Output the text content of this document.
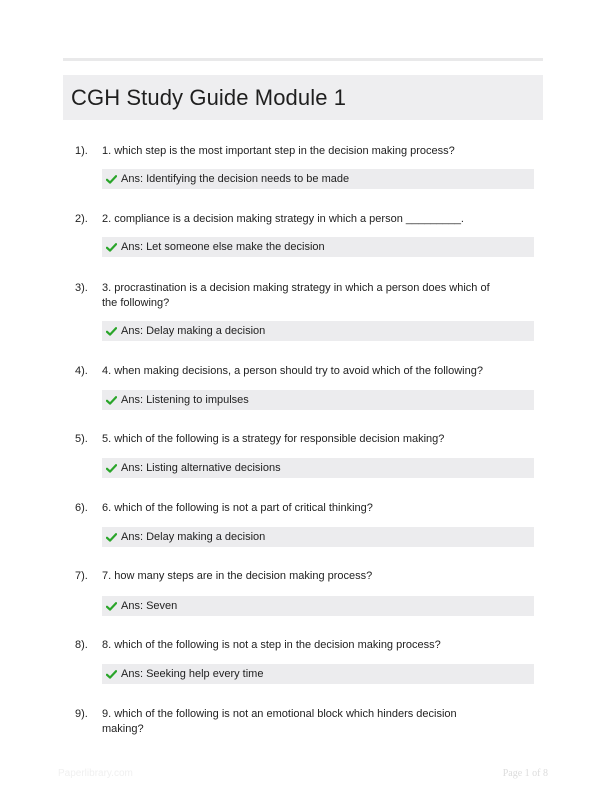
CGH Study Guide Module 1
1). 1. which step is the most important step in the decision making process?
Ans: Identifying the decision needs to be made
2). 2. compliance is a decision making strategy in which a person _________.
Ans: Let someone else make the decision
3). 3. procrastination is a decision making strategy in which a person does which of the following?
Ans: Delay making a decision
4). 4. when making decisions, a person should try to avoid which of the following?
Ans: Listening to impulses
5). 5. which of the following is a strategy for responsible decision making?
Ans: Listing alternative decisions
6). 6. which of the following is not a part of critical thinking?
Ans: Delay making a decision
7). 7. how many steps are in the decision making process?
Ans: Seven
8). 8. which of the following is not a step in the decision making process?
Ans: Seeking help every time
9). 9. which of the following is not an emotional block which hinders decision making?
Paperlibrary.com	Page 1 of 8
